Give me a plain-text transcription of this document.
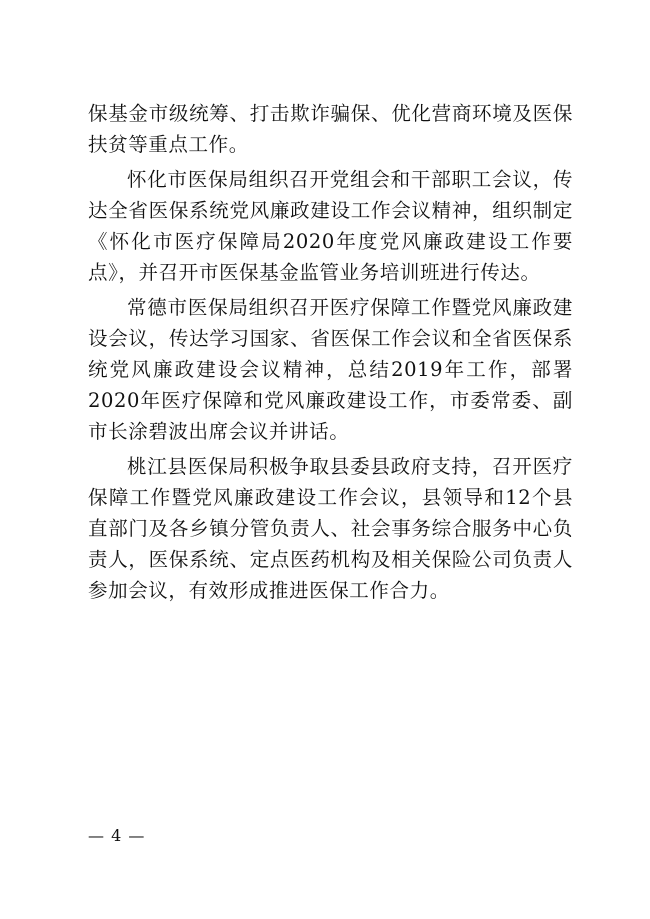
保基金市级统筹、打击欺诈骗保、优化营商环境及医保扶贫等重点工作。

怀化市医保局组织召开党组会和干部职工会议，传达全省医保系统党风廉政建设工作会议精神，组织制定《怀化市医疗保障局2020年度党风廉政建设工作要点》，并召开市医保基金监管业务培训班进行传达。

常德市医保局组织召开医疗保障工作暨党风廉政建设会议，传达学习国家、省医保工作会议和全省医保系统党风廉政建设会议精神，总结2019年工作，部署2020年医疗保障和党风廉政建设工作，市委常委、副市长涂碧波出席会议并讲话。

桃江县医保局积极争取县委县政府支持，召开医疗保障工作暨党风廉政建设工作会议，县领导和12个县直部门及各乡镇分管负责人、社会事务综合服务中心负责人，医保系统、定点医药机构及相关保险公司负责人参加会议，有效形成推进医保工作合力。

— 4 —
